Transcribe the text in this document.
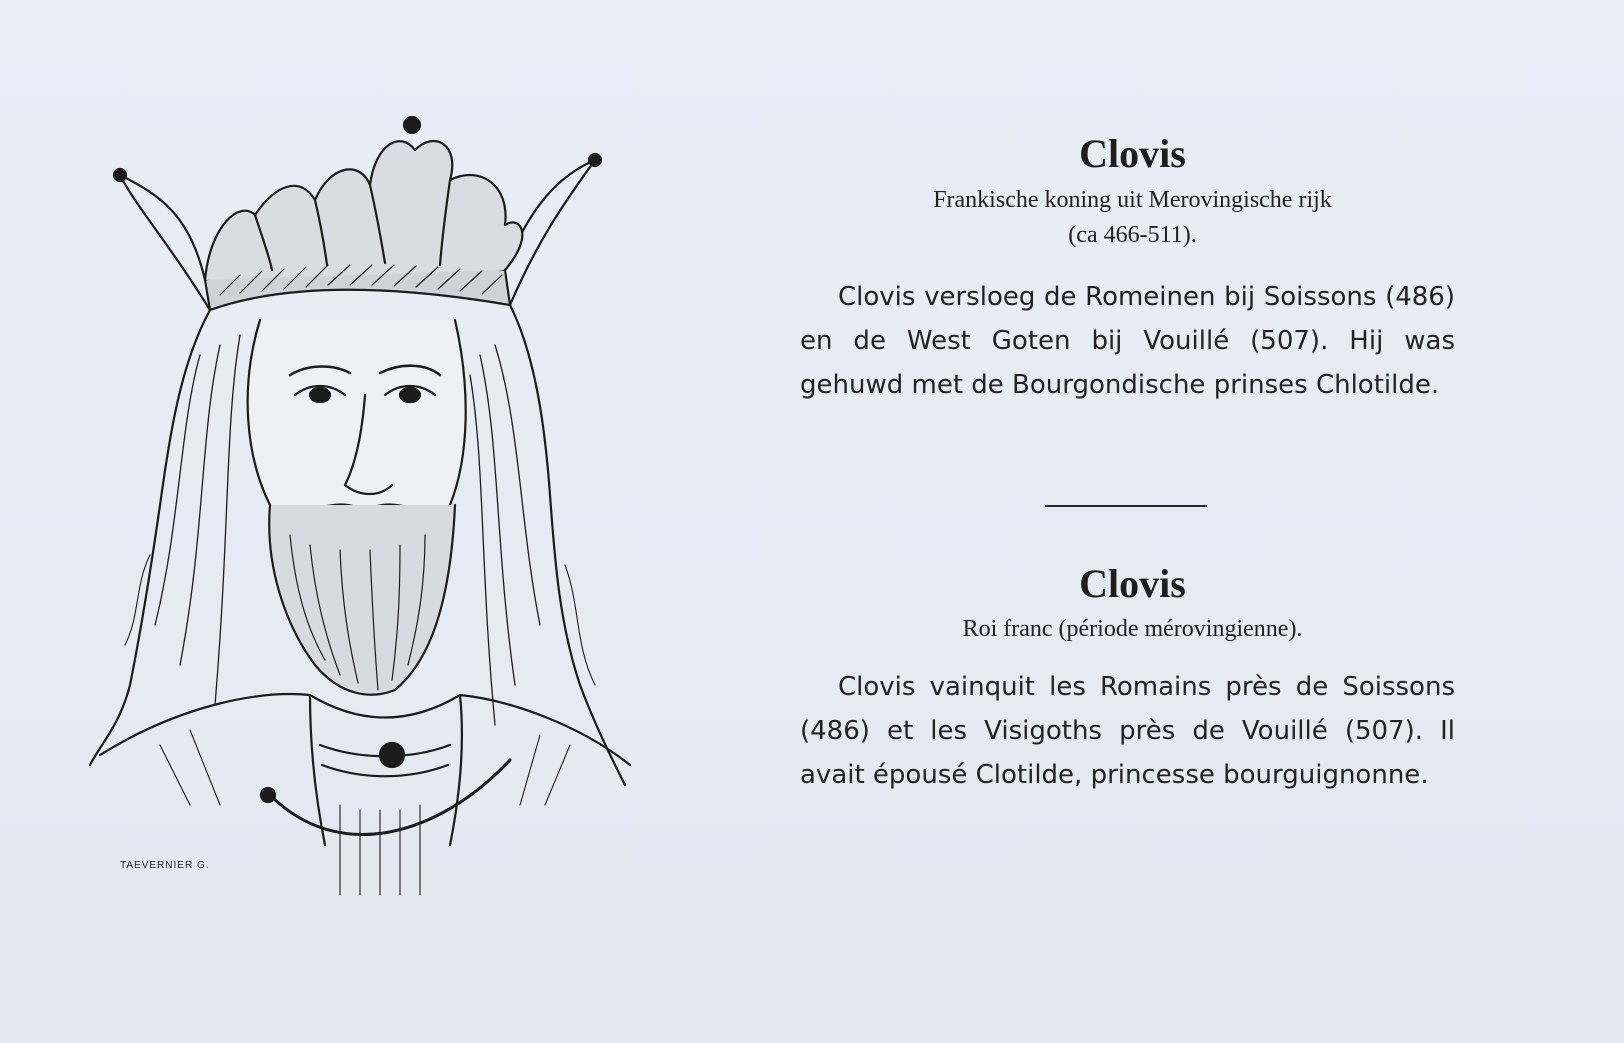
TAEVERNIER G.
Clovis
Frankische koning uit Merovingische rijk
(ca 466-511).
Clovis versloeg de Romeinen bij Soissons (486) en de West Goten bij Vouillé (507). Hij was gehuwd met de Bourgondische prinses Chlotilde.
Clovis
Roi franc (période mérovingienne).
Clovis vainquit les Romains près de Soissons (486) et les Visigoths près de Vouillé (507). Il avait épousé Clotilde, princesse bourguignonne.
